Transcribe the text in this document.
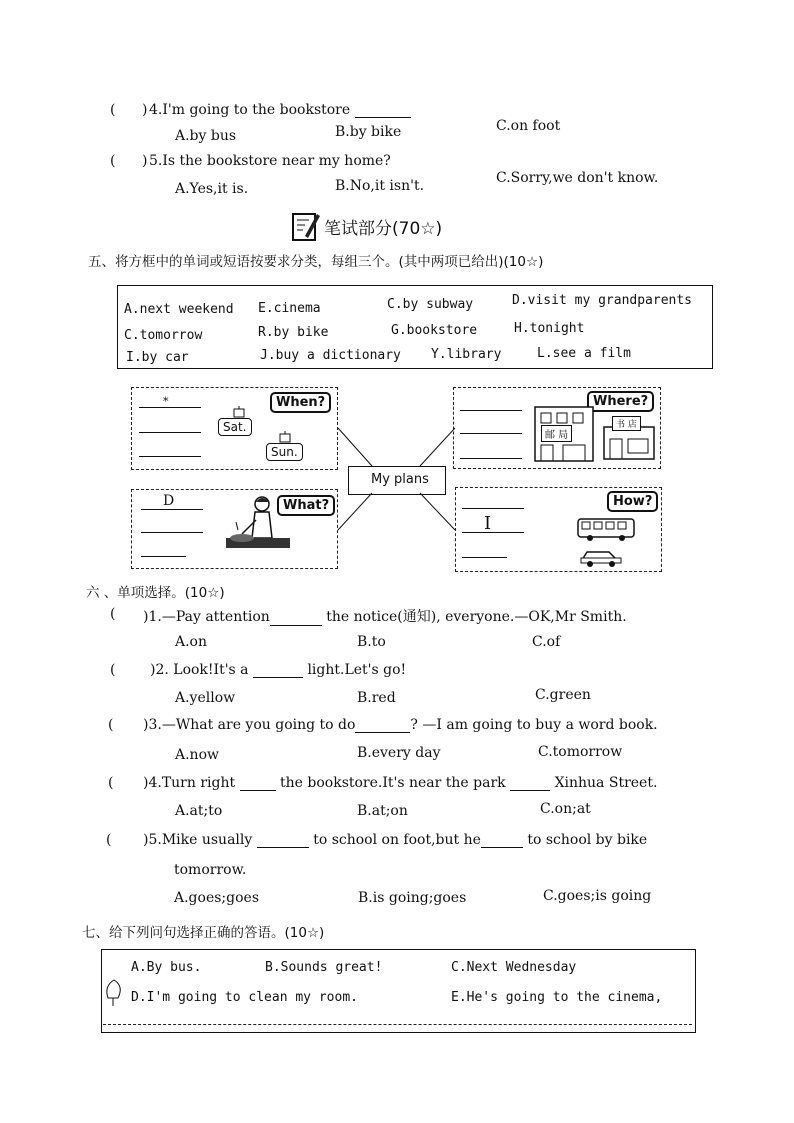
( ) 4.I'm going to the bookstore
A.by bus	B.by bike	C.on foot
( ) 5.Is the bookstore near my home?
A.Yes,it is.	B.No,it isn't.	C.Sorry,we don't know.
笔试部分(70☆)
五、将方框中的单词或短语按要求分类，每组三个。(其中两项已给出)(10☆)
A.next weekend E.cinema	C.by subway	D.visit my grandparents
C.tomorrow	R.by bike	G.bookstore	H.tonight
I.by car	J.buy a dictionary Y.library	L.see a film
When?
*
Sat.
Sun.
Where?
邮 局
书 店
My plans
What?
D	How?
I
六 、单项选择。(10☆)
( )1.—Pay attention	the notice(通知), everyone.—OK,Mr Smith.
A.on	B.to	C.of
( )2. Look!It's a	light.Let's go!
A.yellow	B.red	C.green
( )3.—What are you going to do	? —I am going to buy a word book.
A.now	B.every day	C.tomorrow
( )4.Turn right	the bookstore.It's near the park	Xinhua Street.
A.at;to	B.at;on	C.on;at
( )5.Mike usually	to school on foot,but he	to school by bike
tomorrow.
A.goes;goes	B.is going;goes	C.goes;is going
七、给下列问句选择正确的答语。(10☆)
A.By bus.	B.Sounds great!	C.Next Wednesday
D.I'm going to clean my room.	E.He's going to the cinema,
